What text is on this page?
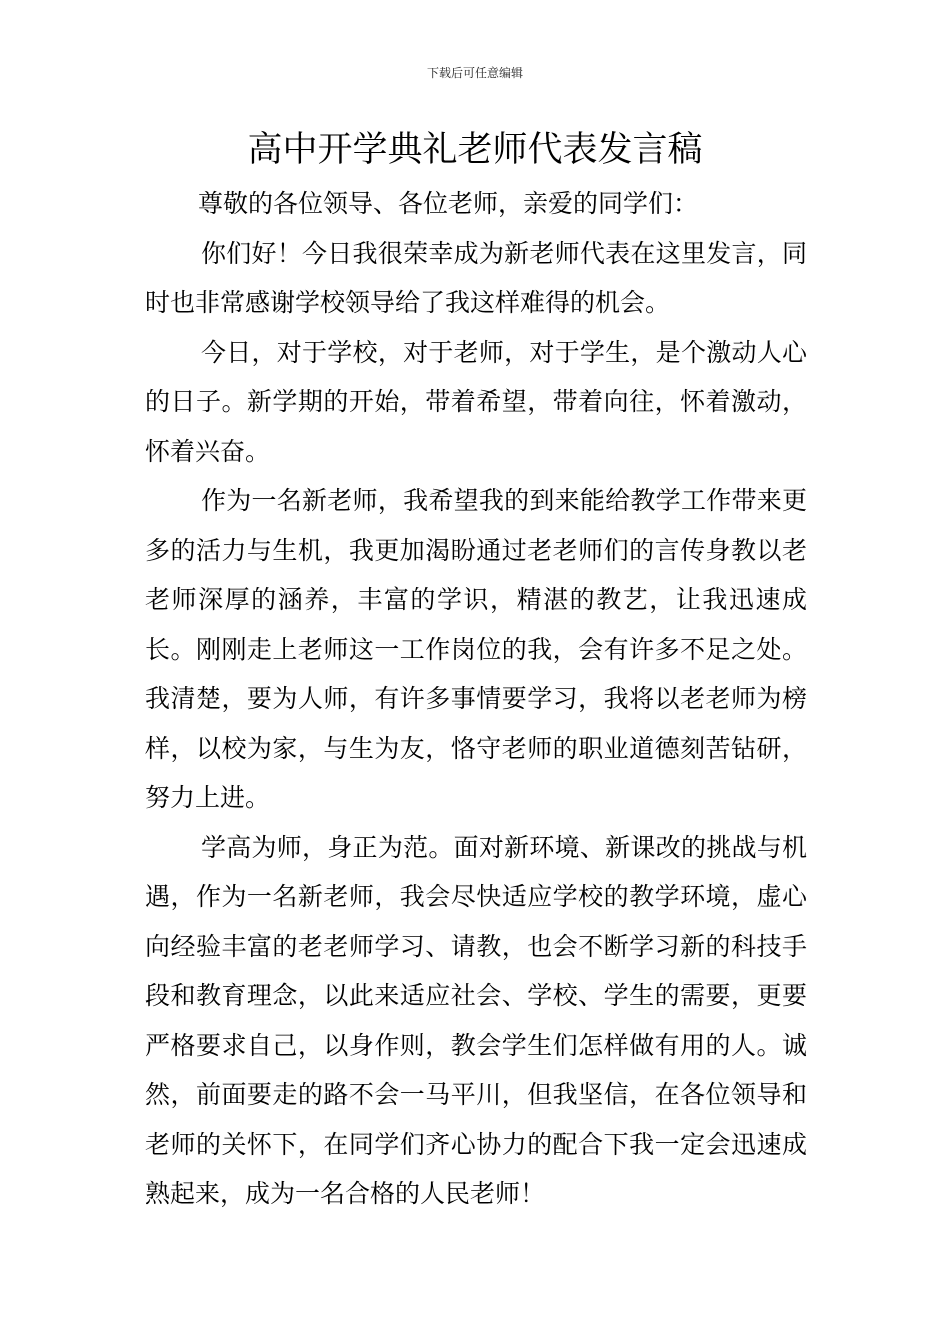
下载后可任意编辑
高中开学典礼老师代表发言稿

尊敬的各位领导、各位老师，亲爱的同学们：

你们好！今日我很荣幸成为新老师代表在这里发言，同时也非常感谢学校领导给了我这样难得的机会。

今日，对于学校，对于老师，对于学生，是个激动人心的日子。新学期的开始，带着希望，带着向往，怀着激动，怀着兴奋。

作为一名新老师，我希望我的到来能给教学工作带来更多的活力与生机，我更加渴盼通过老老师们的言传身教以老老师深厚的涵养，丰富的学识，精湛的教艺，让我迅速成长。刚刚走上老师这一工作岗位的我，会有许多不足之处。我清楚，要为人师，有许多事情要学习，我将以老老师为榜样，以校为家，与生为友，恪守老师的职业道德刻苦钻研，努力上进。

学高为师，身正为范。面对新环境、新课改的挑战与机遇，作为一名新老师，我会尽快适应学校的教学环境，虚心向经验丰富的老老师学习、请教，也会不断学习新的科技手段和教育理念，以此来适应社会、学校、学生的需要，更要严格要求自己，以身作则，教会学生们怎样做有用的人。诚然，前面要走的路不会一马平川，但我坚信，在各位领导和老师的关怀下，在同学们齐心协力的配合下我一定会迅速成熟起来，成为一名合格的人民老师！
